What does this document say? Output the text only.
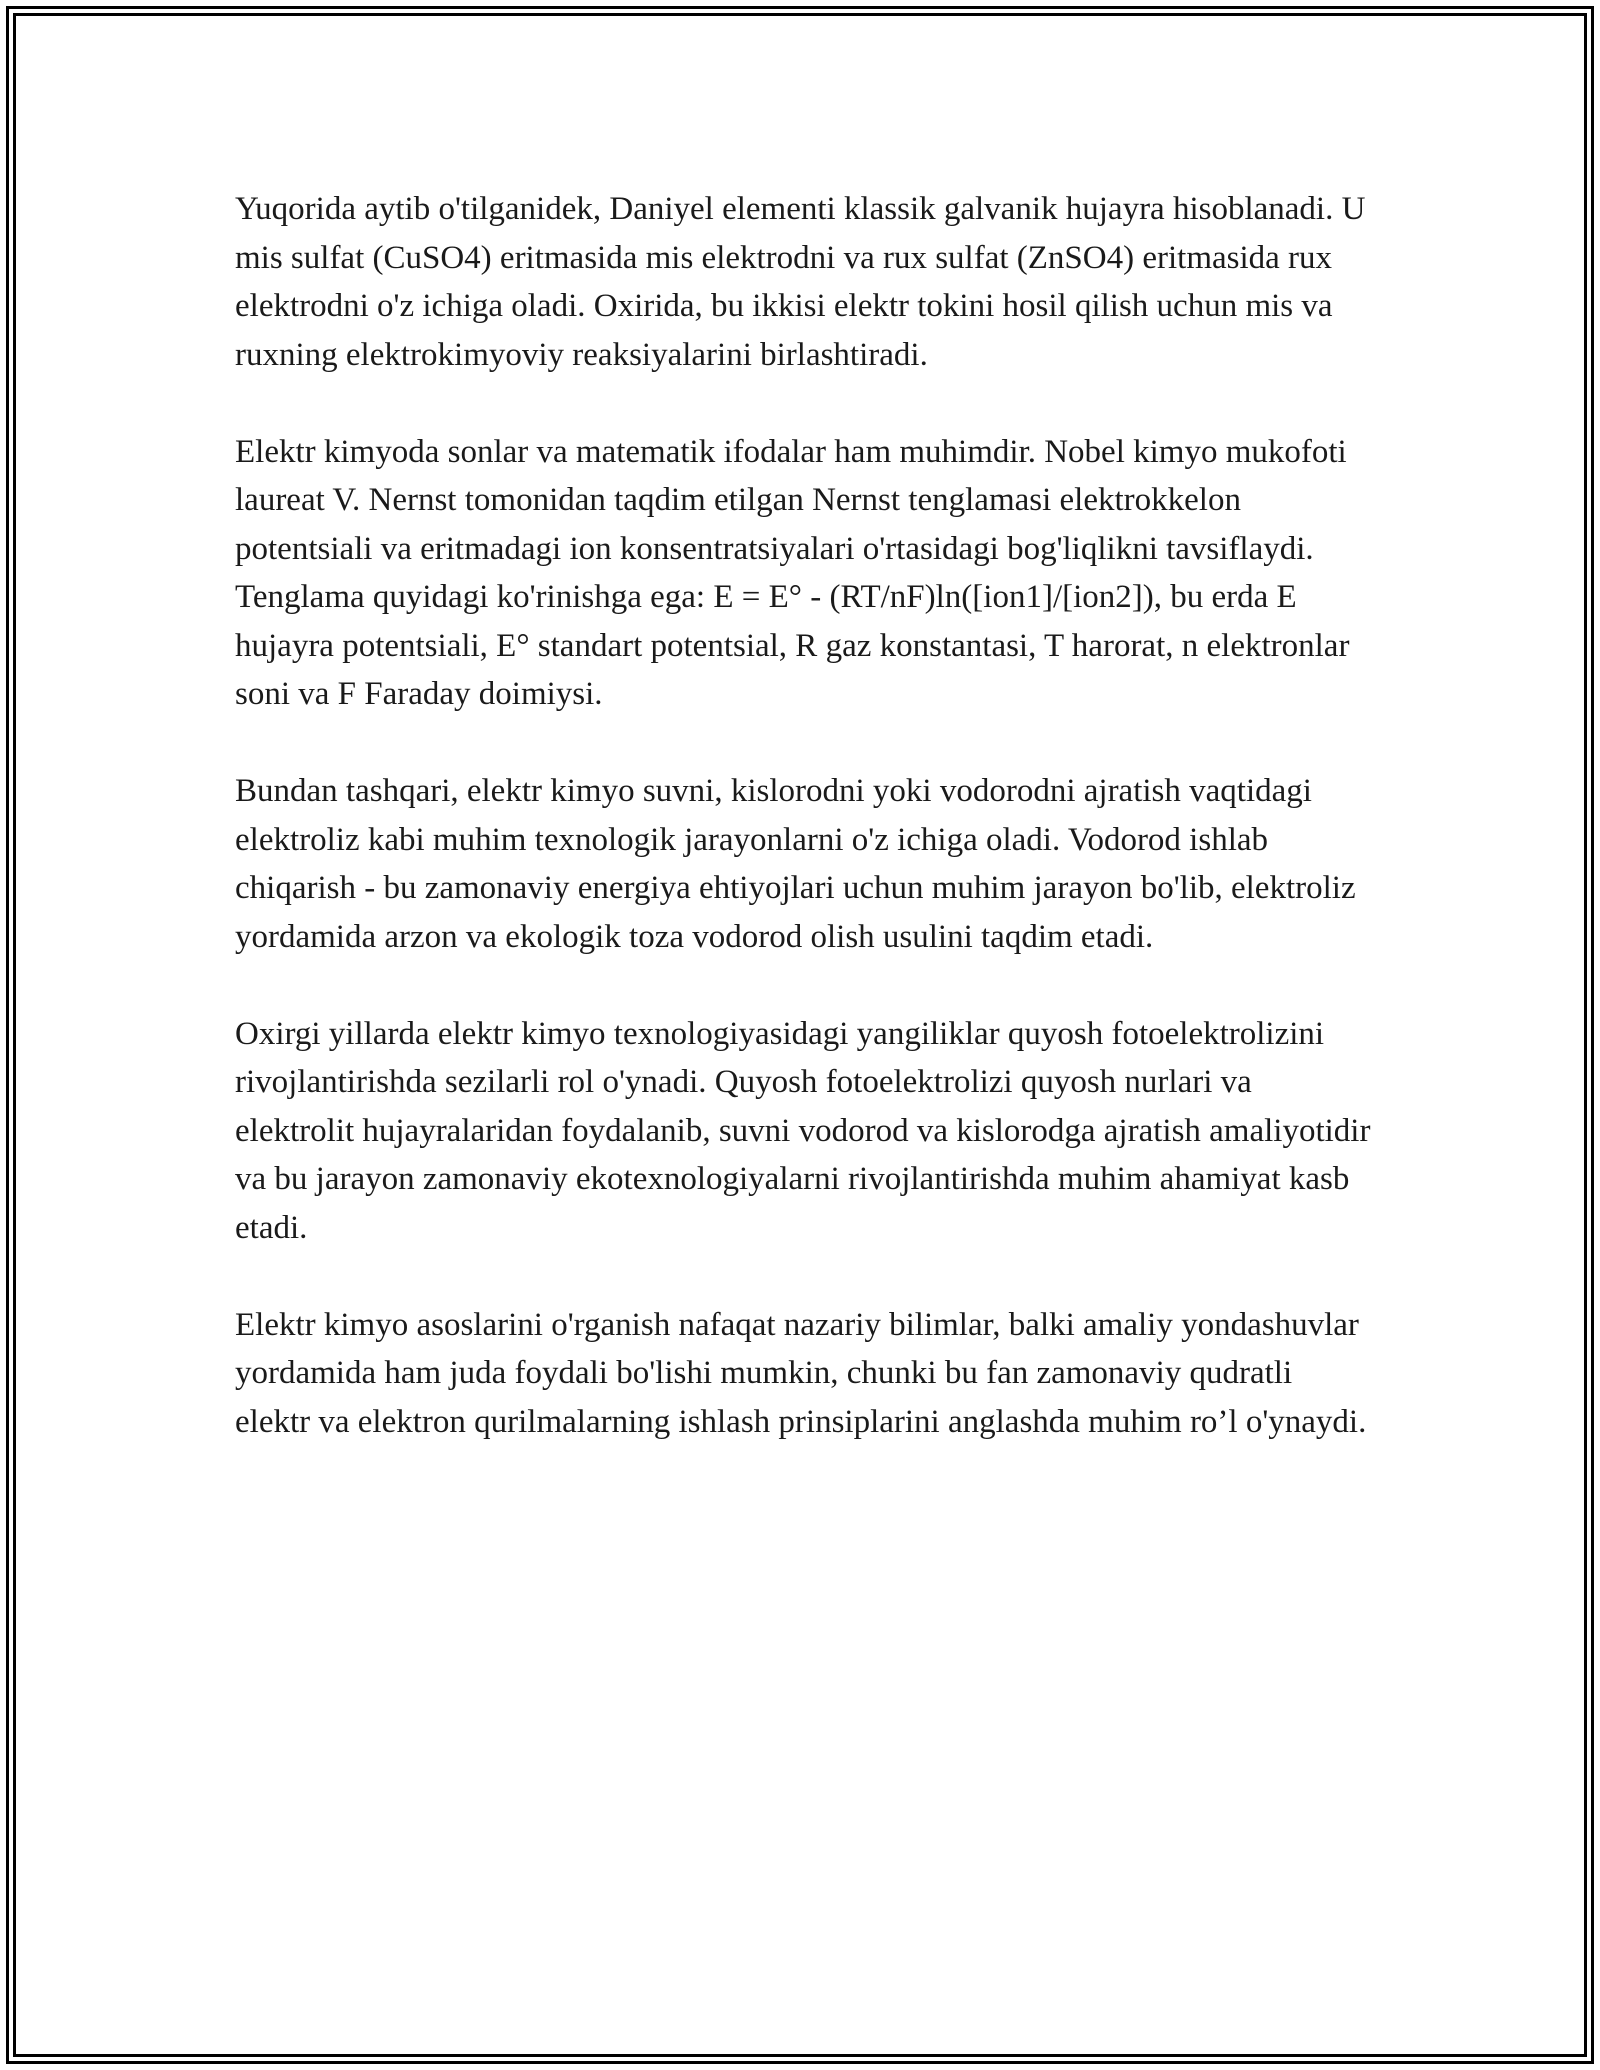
Yuqorida aytib o'tilganidek, Daniyel elementi klassik galvanik hujayra hisoblanadi. U mis sulfat (CuSO4) eritmasida mis elektrodni va rux sulfat (ZnSO4) eritmasida rux elektrodni o'z ichiga oladi. Oxirida, bu ikkisi elektr tokini hosil qilish uchun mis va ruxning elektrokimyoviy reaksiyalarini birlashtiradi.

Elektr kimyoda sonlar va matematik ifodalar ham muhimdir. Nobel kimyo mukofoti laureat V. Nernst tomonidan taqdim etilgan Nernst tenglamasi elektrokkelon potentsiali va eritmadagi ion konsentratsiyalari o'rtasidagi bog'liqlikni tavsiflaydi. Tenglama quyidagi ko'rinishga ega: E = E° - (RT/nF)ln([ion1]/[ion2]), bu erda E hujayra potentsiali, E° standart potentsial, R gaz konstantasi, T harorat, n elektronlar soni va F Faraday doimiysi.

Bundan tashqari, elektr kimyo suvni, kislorodni yoki vodorodni ajratish vaqtidagi elektroliz kabi muhim texnologik jarayonlarni o'z ichiga oladi. Vodorod ishlab chiqarish - bu zamonaviy energiya ehtiyojlari uchun muhim jarayon bo'lib, elektroliz yordamida arzon va ekologik toza vodorod olish usulini taqdim etadi.

Oxirgi yillarda elektr kimyo texnologiyasidagi yangiliklar quyosh fotoelektrolizini rivojlantirishda sezilarli rol o'ynadi. Quyosh fotoelektrolizi quyosh nurlari va elektrolit hujayralaridan foydalanib, suvni vodorod va kislorodga ajratish amaliyotidir va bu jarayon zamonaviy ekotexnologiyalarni rivojlantirishda muhim ahamiyat kasb etadi.

Elektr kimyo asoslarini o'rganish nafaqat nazariy bilimlar, balki amaliy yondashuvlar yordamida ham juda foydali bo'lishi mumkin, chunki bu fan zamonaviy qudratli elektr va elektron qurilmalarning ishlash prinsiplarini anglashda muhim ro’l o'ynaydi.
